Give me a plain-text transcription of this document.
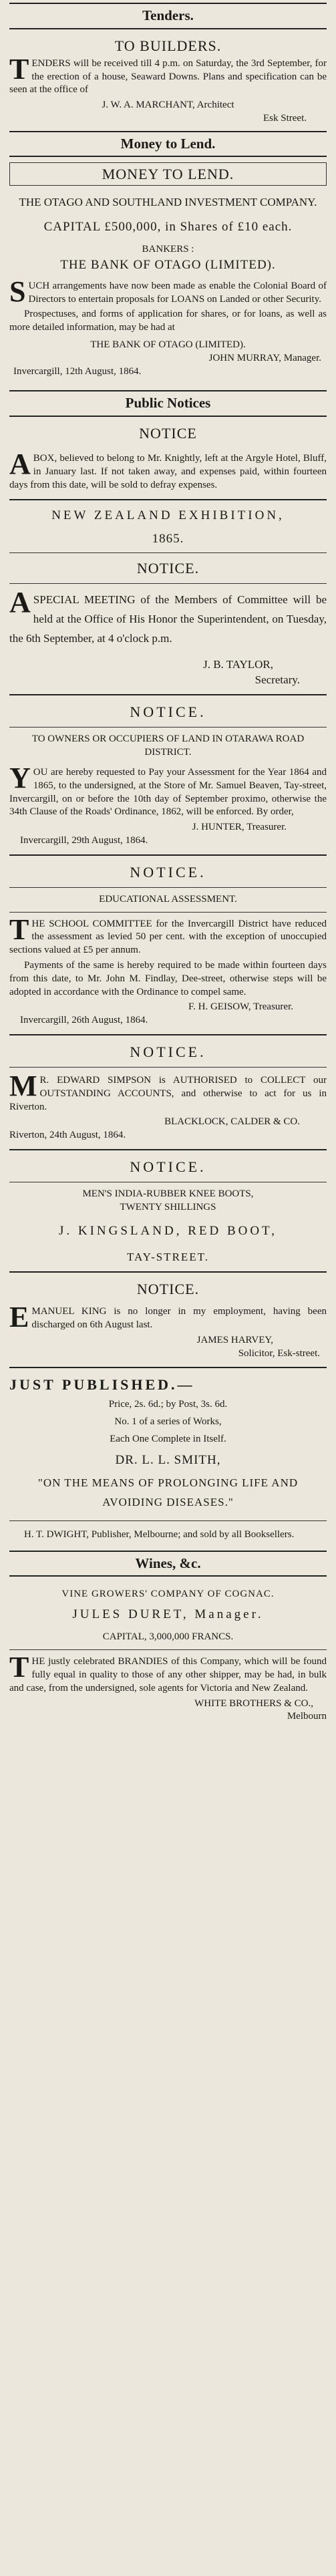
Tenders.
TO BUILDERS.

TENDERS will be received till 4 p.m. on Saturday, the 3rd September, for the erection of a house, Seaward Downs. Plans and specification can be seen at the office of

J. W. A. MARCHANT, Architect
Esk Street.
Money to Lend.
MONEY TO LEND.
THE OTAGO AND SOUTHLAND INVESTMENT COMPANY.
CAPITAL £500,000, in Shares of £10 each.
BANKERS :
THE BANK OF OTAGO (LIMITED).

SUCH arrangements have now been made as enable the Colonial Board of Directors to entertain proposals for LOANS on Landed or other Security.

Prospectuses, and forms of application for shares, or for loans, as well as more detailed information, may be had at

THE BANK OF OTAGO (LIMITED).
JOHN MURRAY, Manager.
Invercargill, 12th August, 1864.
Public Notices
NOTICE

ABOX, believed to belong to Mr. Knightly, left at the Argyle Hotel, Bluff, in January last. If not taken away, and expenses paid, within fourteen days from this date, will be sold to defray expenses.

NEW ZEALAND EXHIBITION,
1865.
NOTICE.

ASPECIAL MEETING of the Members of Committee will be held at the Office of His Honor the Superintendent, on Tuesday, the 6th September, at 4 o'clock p.m.

J. B. TAYLOR,
Secretary.
NOTICE.
TO OWNERS OR OCCUPIERS OF LAND IN OTARAWA ROAD DISTRICT.

YOU are hereby requested to Pay your Assessment for the Year 1864 and 1865, to the undersigned, at the Store of Mr. Samuel Beaven, Tay-street, Invercargill, on or before the 10th day of September proximo, otherwise the 34th Clause of the Roads' Ordinance, 1862, will be enforced. By order,

J. HUNTER, Treasurer.
Invercargill, 29th August, 1864.
NOTICE.
EDUCATIONAL ASSESSMENT.

THE SCHOOL COMMITTEE for the Invercargill District have reduced the assessment as levied 50 per cent. with the exception of unoccupied sections valued at £5 per annum.

Payments of the same is hereby required to be made within fourteen days from this date, to Mr. John M. Findlay, Dee-street, otherwise steps will be adopted in accordance with the Ordinance to compel same.

F. H. GEISOW, Treasurer.
Invercargill, 26th August, 1864.
NOTICE.

MR. EDWARD SIMPSON is AUTHORISED to COLLECT our OUTSTANDING ACCOUNTS, and otherwise to act for us in Riverton.

BLACKLOCK, CALDER & CO.
Riverton, 24th August, 1864.
NOTICE.
MEN'S INDIA-RUBBER KNEE BOOTS,
TWENTY SHILLINGS
J. KINGSLAND, RED BOOT,
TAY-STREET.
NOTICE.

EMANUEL KING is no longer in my employment, having been discharged on 6th August last.

JAMES HARVEY,
Solicitor, Esk-street.
JUST PUBLISHED.—
Price, 2s. 6d.; by Post, 3s. 6d.
No. 1 of a series of Works,
Each One Complete in Itself.
DR. L. L. SMITH,
"ON THE MEANS OF PROLONGING LIFE AND AVOIDING DISEASES."

H. T. DWIGHT, Publisher, Melbourne; and sold by all Booksellers.

Wines, &c.
VINE GROWERS' COMPANY OF COGNAC.
JULES DURET, Manager.
CAPITAL, 3,000,000 FRANCS.

THE justly celebrated BRANDIES of this Company, which will be found fully equal in quality to those of any other shipper, may be had, in bulk and case, from the undersigned, sole agents for Victoria and New Zealand.

WHITE BROTHERS & CO.,
Melbourn
